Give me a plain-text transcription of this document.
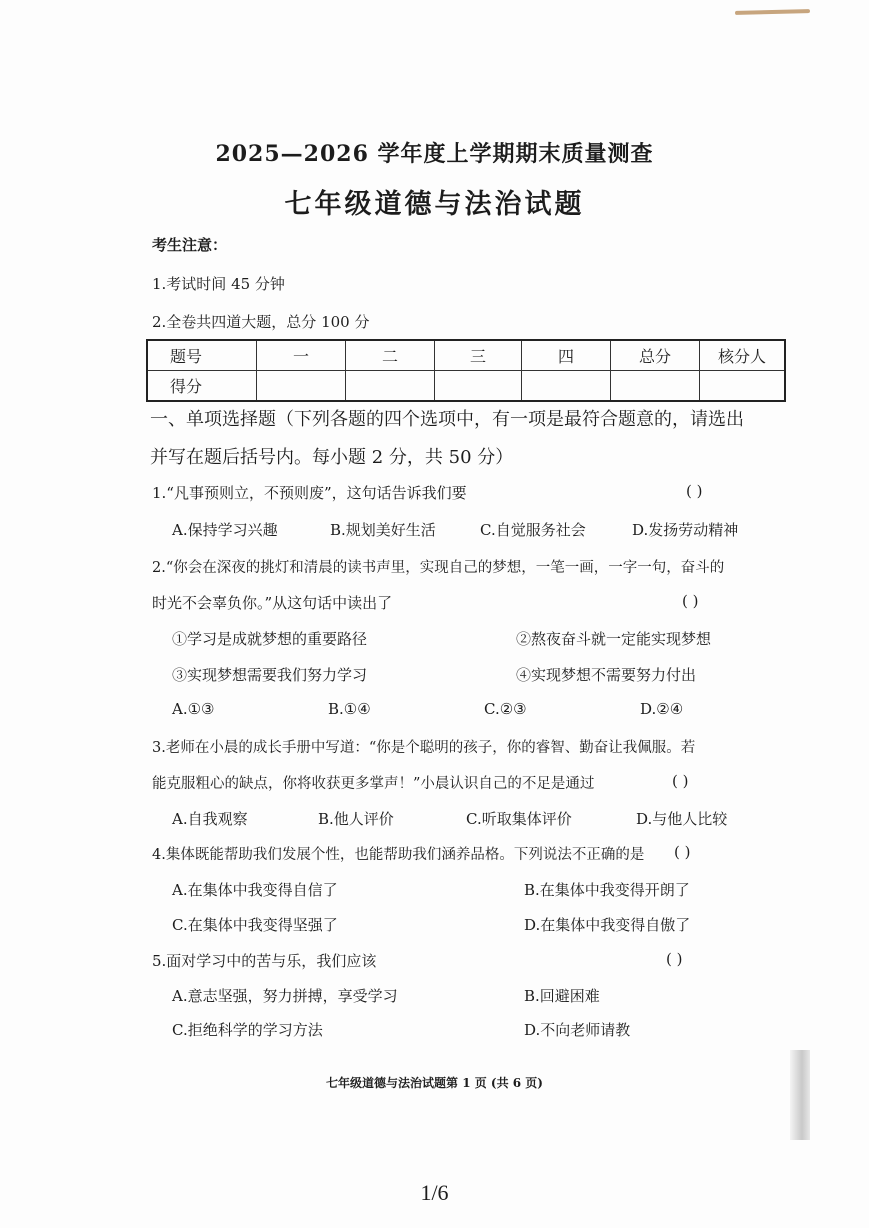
2025—2026 学年度上学期期末质量测查
七年级道德与法治试题
考生注意：
1.考试时间 45 分钟
2.全卷共四道大题，总分 100 分
题号	一	二	三	四	总分	核分人
得分						
一、单项选择题（下列各题的四个选项中，有一项是最符合题意的，请选出
并写在题后括号内。每小题 2 分，共 50 分）
1.“凡事预则立，不预则废”，这句话告诉我们要	( )
A.保持学习兴趣	B.规划美好生活	C.自觉服务社会	D.发扬劳动精神
2.“你会在深夜的挑灯和清晨的读书声里，实现自己的梦想，一笔一画，一字一句，奋斗的
时光不会辜负你。”从这句话中读出了	( )
①学习是成就梦想的重要路径	②熬夜奋斗就一定能实现梦想
③实现梦想需要我们努力学习	④实现梦想不需要努力付出
A.①③	B.①④	C.②③	D.②④
3.老师在小晨的成长手册中写道：“你是个聪明的孩子，你的睿智、勤奋让我佩服。若
能克服粗心的缺点，你将收获更多掌声！”小晨认识自己的不足是通过	( )
A.自我观察	B.他人评价	C.听取集体评价	D.与他人比较
4.集体既能帮助我们发展个性，也能帮助我们涵养品格。下列说法不正确的是 ( )
A.在集体中我变得自信了	B.在集体中我变得开朗了
C.在集体中我变得坚强了	D.在集体中我变得自傲了
5.面对学习中的苦与乐，我们应该	( )
A.意志坚强，努力拼搏，享受学习	B.回避困难
C.拒绝科学的学习方法	D.不向老师请教
七年级道德与法治试题第 1 页 (共 6 页)
1/6
